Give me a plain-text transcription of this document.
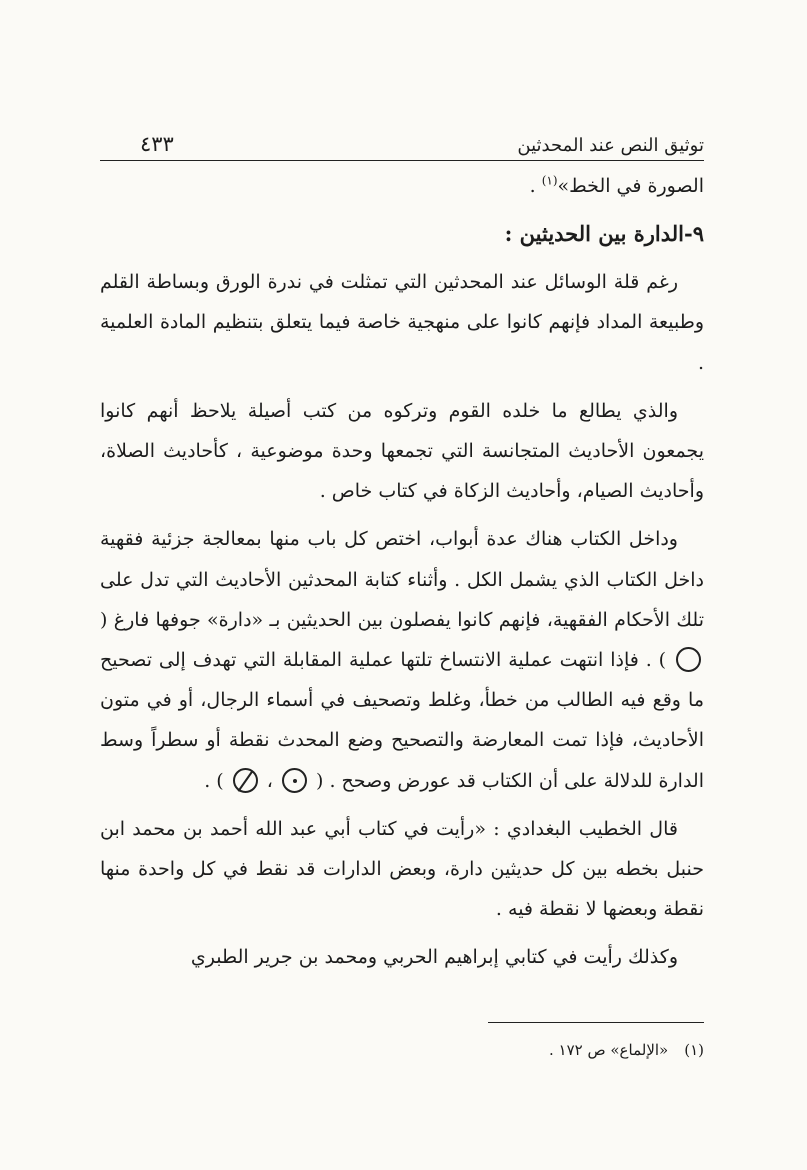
٤٣٣	توثيق النص عند المحدثين

الصورة في الخط»$^{(١)}$ .

٩-الدارة بين الحديثين :

رغم قلة الوسائل عند المحدثين التي تمثلت في ندرة الورق وبساطة القلم وطبيعة المداد فإنهم كانوا على منهجية خاصة فيما يتعلق بتنظيم المادة العلمية .

والذي يطالع ما خلده القوم وتركوه من كتب أصيلة يلاحظ أنهم كانوا يجمعون الأحاديث المتجانسة التي تجمعها وحدة موضوعية ، كأحاديث الصلاة، وأحاديث الصيام، وأحاديث الزكاة في كتاب خاص .

وداخل الكتاب هناك عدة أبواب، اختص كل باب منها بمعالجة جزئية فقهية داخل الكتاب الذي يشمل الكل . وأثناء كتابة المحدثين الأحاديث التي تدل على تلك الأحكام الفقهية، فإنهم كانوا يفصلون بين الحديثين بـ «دارة» جوفها فارغ (  ) . فإذا انتهت عملية الانتساخ تلتها عملية المقابلة التي تهدف إلى تصحيح ما وقع فيه الطالب من خطأ، وغلط وتصحيف في أسماء الرجال، أو في متون الأحاديث، فإذا تمت المعارضة والتصحيح وضع المحدث نقطة أو سطراً وسط الدارة للدلالة على أن الكتاب قد عورض وصحح . (
،
) .

قال الخطيب البغدادي : «رأيت في كتاب أبي عبد الله أحمد بن محمد ابن حنبل بخطه بين كل حديثين دارة، وبعض الدارات قد نقط في كل واحدة منها نقطة وبعضها لا نقطة فيه .

وكذلك رأيت في كتابي إبراهيم الحربي ومحمد بن جرير الطبري

(١)«الإلماع» ص ١٧٢ .
